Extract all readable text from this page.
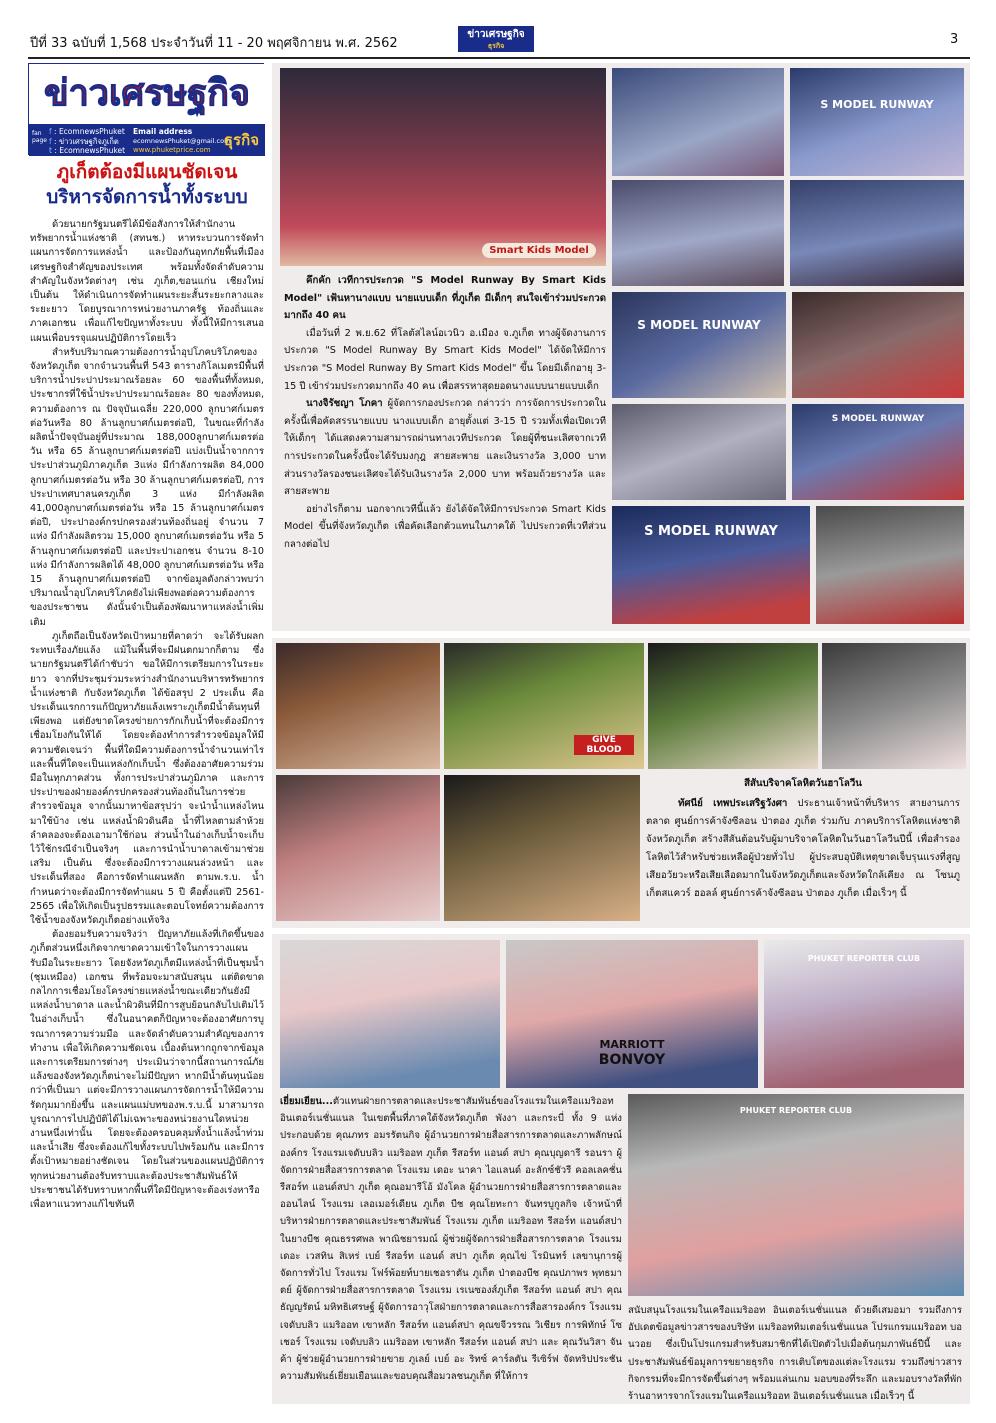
ปีที่ 33 ฉบับที่ 1,568 ประจำวันที่ 11 - 20 พฤศจิกายน พ.ศ. 2562
ข่าวเศรษฐกิจ
ธุรกิจ	3
ข่าวเศรษฐกิจ
fan page
f : EcomnewsPhuket
f : ข่าวเศรษฐกิจภูเก็ต
t : EcomnewsPhuket
Email address
ecomnewsPhuket@gmail.com
www.phuketprice.com
ธุรกิจ
ภูเก็ตต้องมีแผนชัดเจน
บริหารจัดการน้ำทั้งระบบ

ด้วยนายกรัฐมนตรีได้มีข้อสั่งการให้สำนักงานทรัพยากรน้ำแห่งชาติ (สทนช.) หาทระบวนการจัดทำแผนการจัดการแหล่งน้ำ และป้องกันอุทกภัยพื้นที่เมืองเศรษฐกิจสำคัญของประเทศ พร้อมทั้งจัดลำดับความสำคัญในจังหวัดต่างๆ เช่น ภูเก็ต,ขอนแก่น เชียงใหม่ เป็นต้น ให้ดำเนินการจัดทำแผนระยะสั้นระยะกลางและระยะยาว โดยบูรณาการหน่วยงานภาครัฐ ท้องถิ่นและภาคเอกชน เพื่อแก้ไขปัญหาทั้งระบบ ทั้งนี้ให้มีการเสนอแผนเพื่อบรรจุแผนปฏิบัติการโดยเร็ว

สำหรับปริมาณความต้องการน้ำอุปโภคบริโภคของจังหวัดภูเก็ต จากจำนวนพื้นที่ 543 ตารางกิโลเมตรมีพื้นที่บริการน้ำประปาประมาณร้อยละ 60 ของพื้นที่ทั้งหมด, ประชากรที่ใช้น้ำประปาประมาณร้อยละ 80 ของทั้งหมด, ความต้องการ ณ ปัจจุบันเฉลี่ย 220,000 ลูกบาศก์เมตรต่อวันหรือ 80 ล้านลูกบาศก์เมตรต่อปี, ในขณะที่กำลังผลิตน้ำปัจจุบันอยู่ที่ประมาณ 188,000ลูกบาศก์เมตรต่อวัน หรือ 65 ล้านลูกบาศก์เมตรต่อปี แบ่งเป็นน้ำจากการประปาส่วนภูมิภาคภูเก็ต 3แห่ง มีกำลังการผลิต 84,000 ลูกบาศก์เมตรต่อวัน หรือ 30 ล้านลูกบาศก์เมตรต่อปี, การประปาเทศบาลนครภูเก็ต 3 แห่ง มีกำลังผลิต 41,000ลูกบาศก์เมตรต่อวัน หรือ 15 ล้านลูกบาศก์เมตรต่อปี, ประปาองค์กรปกครองส่วนท้องถิ่นอยู่ จำนวน 7 แห่ง มีกำลังผลิตรวม 15,000 ลูกบาศก์เมตรต่อวัน หรือ 5 ล้านลูกบาศก์เมตรต่อปี และประปาเอกชน จำนวน 8-10 แห่ง มีกำลังการผลิตได้ 48,000 ลูกบาศก์เมตรต่อวัน หรือ 15 ล้านลูกบาศก์เมตรต่อปี จากข้อมูลดังกล่าวพบว่า ปริมาณน้ำอุปโภคบริโภคยังไม่เพียงพอต่อความต้องการของประชาชน ดังนั้นจำเป็นต้องพัฒนาหาแหล่งน้ำเพิ่มเติม

ภูเก็ตถือเป็นจังหวัดเป้าหมายที่คาดว่า จะได้รับผลกระทบเรื่องภัยแล้ง แม้ในพื้นที่จะมีฝนตกมากก็ตาม ซึ่งนายกรัฐมนตรีได้กำชับว่า ขอให้มีการเตรียมการในระยะยาว จากที่ประชุมร่วมระหว่างสำนักงานบริหารทรัพยากรน้ำแห่งชาติ กับจังหวัดภูเก็ต ได้ข้อสรุป 2 ประเด็น คือ ประเด็นแรกการแก้ปัญหาภัยแล้งเพราะภูเก็ตมีน้ำต้นทุนที่เพียงพอ แต่ยังขาดโครงข่ายการกักเก็บน้ำที่จะต้องมีการเชื่อมโยงกันให้ได้ โดยจะต้องทำการสำรวจข้อมูลให้มีความชัดเจนว่า พื้นที่ใดมีความต้องการน้ำจำนวนเท่าไร และพื้นที่ใดจะเป็นแหล่งกักเก็บน้ำ ซึ่งต้องอาศัยความร่วมมือในทุกภาคส่วน ทั้งการประปาส่วนภูมิภาค และการประปาของฝ่ายองค์กรปกครองส่วนท้องถิ่นในการช่วยสำรวจข้อมูล จากนั้นมาหาข้อสรุปว่า จะนำน้ำแหล่งไหนมาใช้บ้าง เช่น แหล่งน้ำผิวดินคือ น้ำที่ไหลตามลำห้วยลำคลองจะต้องเอามาใช้ก่อน ส่วนน้ำในอ่างเก็บน้ำจะเก็บไว้ใช้กรณีจำเป็นจริงๆ และการนำน้ำบาดาลเข้ามาช่วยเสริม เป็นต้น ซึ่งจะต้องมีการวางแผนล่วงหน้า และประเด็นที่สอง คือการจัดทำแผนหลัก ตามพ.ร.บ. น้ำ กำหนดว่าจะต้องมีการจัดทำแผน 5 ปี คือตั้งแต่ปี 2561-2565 เพื่อให้เกิดเป็นรูปธรรมและตอบโจทย์ความต้องการใช้น้ำของจังหวัดภูเก็ตอย่างแท้จริง

ต้องยอมรับความจริงว่า ปัญหาภัยแล้งที่เกิดขึ้นของภูเก็ตส่วนหนึ่งเกิดจากขาดความเข้าใจในการวางแผนรับมือในระยะยาว โดยจังหวัดภูเก็ตมีแหล่งน้ำที่เป็นชุมน้ำ (ชุมเหมือง) เอกชน ที่พร้อมจะมาสนับสนุน แต่ติดขาดกลไกการเชื่อมโยงโครงข่ายแหล่งน้ำขณะเดียวกันยังมีแหล่งน้ำบาดาล และน้ำผิวดินที่มีการสูบย้อนกลับไปเติมไว้ในอ่างเก็บน้ำ ซึ่งในอนาคตก็ปัญหาจะต้องอาศัยการบูรณาการความร่วมมือ และจัดลำดับความสำคัญของการทำงาน เพื่อให้เกิดความชัดเจน เบื้องต้นหากถูกจากข้อมูล และการเตรียมการต่างๆ ประเมินว่าจากนี้สถานการณ์ภัยแล้งของจังหวัดภูเก็ตน่าจะไม่มีปัญหา หากมีน้ำต้นทุนน้อยกว่าที่เป็นมา แต่จะมีการวางแผนการจัดการน้ำให้มีความรัดกุมมากยิ่งขึ้น และแผนแม่บทของพ.ร.บ.นี้ มาสามารถบูรณาการไปปฏิบัติได้ไม่เฉพาะของหน่วยงานใดหน่วยงานหนึ่งเท่านั้น โดยจะต้องครอบคลุมทั้งน้ำแล้งน้ำท่วมและน้ำเสีย ซึ่งจะต้องแก้ไขทั้งระบบไปพร้อมกัน และมีการตั้งเป้าหมายอย่างชัดเจน โดยในส่วนของแผนปฏิบัติการทุกหน่วยงานต้องรับทราบและต้องประชาสัมพันธ์ให้ประชาชนได้รับทราบหากพื้นที่ใดมีปัญหาจะต้องเร่งหารือเพื่อหาแนวทางแก้ไขทันที

Smart Kids Model
S MODEL RUNWAY
S MODEL RUNWAY
S MODEL RUNWAY
S MODEL RUNWAY

คึกคัก เวทีการประกวด "S Model Runway By Smart Kids Model" เฟ้นหานางแบบ นายแบบเด็ก ที่ภูเก็ต มีเด็กๆ สนใจเข้าร่วมประกวดมากถึง 40 คน

เมื่อวันที่ 2 พ.ย.62 ที่โลตัสไลน์อเวนิว อ.เมือง จ.ภูเก็ต ทางผู้จัดงานการประกวด "S Model Runway By Smart Kids Model" ได้จัดให้มีการประกวด "S Model Runway By Smart Kids Model" ขึ้น โดยมีเด็กอายุ 3-15 ปี เข้าร่วมประกวดมากถึง 40 คน เพื่อสรรหาสุดยอดนางแบบนายแบบเด็ก

นางจิรัชญา โภคา ผู้จัดการกองประกวด กล่าวว่า การจัดการประกวดในครั้งนี้เพื่อคัดสรรนายแบบ นางแบบเด็ก อายุตั้งแต่ 3-15 ปี รวมทั้งเพื่อเปิดเวทีให้เด็กๆ ได้แสดงความสามารถผ่านทางเวทีประกวด โดยผู้ที่ชนะเลิศจากเวทีการประกวดในครั้งนี้จะได้รับมงกุฎ สายสะพาย และเงินรางวัล 3,000 บาท ส่วนรางวัลรองชนะเลิศจะได้รับเงินรางวัล 2,000 บาท พร้อมถ้วยรางวัล และสายสะพาย

อย่างไรก็ตาม นอกจากเวทีนี้แล้ว ยังได้จัดให้มีการประกวด Smart Kids Model ขึ้นที่จังหวัดภูเก็ต เพื่อคัดเลือกตัวแทนในภาคใต้ ไปประกวดที่เวทีส่วนกลางต่อไป

GIVE BLOOD
สีสันบริจาคโลหิตวันฮาโลวีน
ทัศนีย์ เทพประเสริฐวังศา ประธานเจ้าหน้าที่บริหาร สายงานการตลาด ศูนย์การค้าจังซีลอน ป่าตอง ภูเก็ต ร่วมกับ ภาคบริการโลหิตแห่งชาติ จังหวัดภูเก็ต สร้างสีสันต้อนรับผู้มาบริจาคโลหิตในวันฮาโลวีนปีนี้ เพื่อสำรองโลหิตไว้สำหรับช่วยเหลือผู้ป่วยทั่วไป ผู้ประสบอุบัติเหตุขาดเจ็บรุนแรงที่สูญเสียอวัยวะหรือเสียเลือดมากในจังหวัดภูเก็ตและจังหวัดใกล้เคียง ณ โซนภูเก็ตสแควร์ ฮอลล์ ศูนย์การค้าจังซีลอน ป่าตอง ภูเก็ต เมื่อเร็วๆ นี้
MARRIOTT
BONVOY
PHUKET REPORTER CLUB
PHUKET REPORTER CLUB
เยี่ยมเยียน...ตัวแทนฝ่ายการตลาดและประชาสัมพันธ์ของโรงแรมในเครือแมริออท อินเตอร์เนชั่นแนล ในเขตพื้นที่ภาคใต้จังหวัดภูเก็ต พังงา และกระบี่ ทั้ง 9 แห่ง ประกอบด้วย คุณภทร อมรรัตนกิจ ผู้อำนวยการฝ่ายสื่อสารการตลาดและภาพลักษณ์องค์กร โรงแรมเจดับบลิว แมริออท ภูเก็ต รีสอร์ท แอนด์ สปา คุณบุญดารี รอนรา ผู้จัดการฝ่ายสื่อสารการตลาด โรงแรม เดอะ นาคา ไอแลนด์ อะลักซ์ชัวรี คอลเลคชั่น รีสอร์ท แอนด์สปา ภูเก็ต คุณอมารีโอ้ มังโคล ผู้อำนวยการฝ่ายสื่อสารการตลาดและออนไลน์ โรงแรม เลอเมอร์เดียน ภูเก็ต บีช คุณโยทะกา จันทรบูกูลกิจ เจ้าหน้าที่บริหารฝ่ายการตลาดและประชาสัมพันธ์ โรงแรม ภูเก็ต แมริออท รีสอร์ท แอนด์สปา ในยางบีช คุณธรรศพล พาณิชยารมณ์ ผู้ช่วยผู้จัดการฝ่ายสื่อสารการตลาด โรงแรม เดอะ เวสทิน สิเหร่ เบย์ รีสอร์ท แอนด์ สปา ภูเก็ต คุณไข่ โรมินทร์ เลขานุการผู้จัดการทั่วไป โรงแรม โฟร์พ้อยท์บายเชอราตัน ภูเก็ต ป่าตองบีช คุณปภาพร พุทธมาตย์ ผู้จัดการฝ่ายสื่อสารการตลาด โรงแรม เรเนซองส์ภูเก็ต รีสอร์ท แอนด์ สปา คุณธัญญรัตน์ มหิทธิเศรษฐ์ ผู้จัดการอาวุโสฝ่ายการตลาดและการสื่อสารองค์กร โรงแรม เจดับบลิว แมริออท เขาหลัก รีสอร์ท แอนด์สปา คุณขจีวรรณ วิเชียร การพิทักษ์ โซเชอร์ โรงแรม เจดับบลิว แมริออท เขาหลัก รีสอร์ท แอนด์ สปา และ คุณวันวิสา จันค้า ผู้ช่วยผู้อำนวยการฝ่ายขาย ภูเลย์ เบย์ อะ ริทซ์ คาร์ลตัน รีเซิร์ฟ จัดทริปประชันความสัมพันธ์เยี่ยมเยือนและขอบคุณสื่อมวลชนภูเก็ต ที่ให้การ
สนับสนุนโรงแรมในเครือแมริออท อินเตอร์เนชั่นแนล ด้วยดีเสมอมา รวมถึงการอัปเดตข้อมูลข่าวสารของบริษัท แมริออททิมเตอร์เนชั่นแนล โปรแกรมแมริออท บอนวอย ซึ่งเป็นโปรแกรมสำหรับสมาชิกที่ได้เปิดตัวไปเมื่อต้นกุมภาพันธ์ปีนี้ และประชาสัมพันธ์ข้อมูลการขยายธุรกิจ การเติบโตของแต่ละโรงแรม รวมถึงข่าวสารกิจกรรมที่จะมีการจัดขึ้นต่างๆ พร้อมแล่นเกม มอบของที่ระลึก และมอบรางวัลที่พัก ร้านอาหารจากโรงแรมในเครือแมริออท อินเตอร์เนชั่นแนล เมื่อเร็วๆ นี้
